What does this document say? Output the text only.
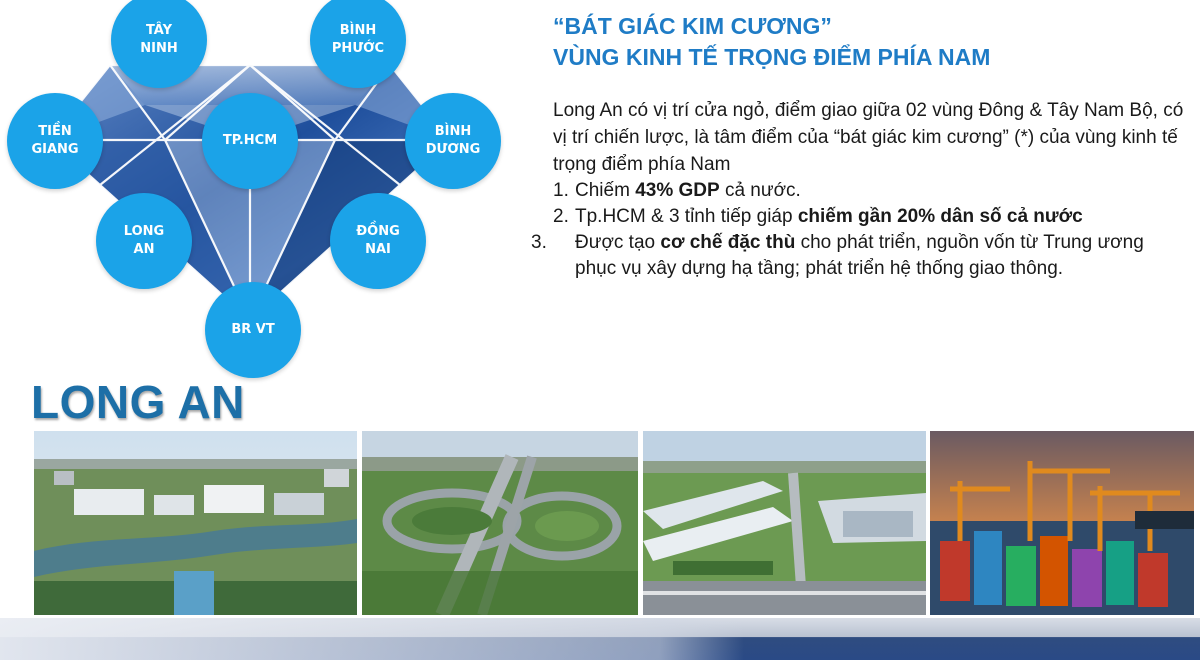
TÂY
NINH
BÌNH
PHƯỚC
TIỀN
GIANG
TP.HCM
BÌNH
DƯƠNG
LONG
AN
ĐỒNG
NAI
BR VT
“BÁT GIÁC KIM CƯƠNG”
VÙNG KINH TẾ TRỌNG ĐIỂM PHÍA NAM

Long An có vị trí cửa ngỏ, điểm giao giữa 02 vùng Đông & Tây Nam Bộ, có vị trí chiến lược, là tâm điểm của “bát giác kim cương” (*) của vùng kinh tế trọng điểm phía Nam

1. Chiếm 43% GDP cả nước.
2. Tp.HCM & 3 tỉnh tiếp giáp chiếm gần 20% dân số cả nước
3. Được tạo cơ chế đặc thù cho phát triển, nguồn vốn từ Trung ương phục vụ xây dựng hạ tầng; phát triển hệ thống giao thông.
LONG AN
